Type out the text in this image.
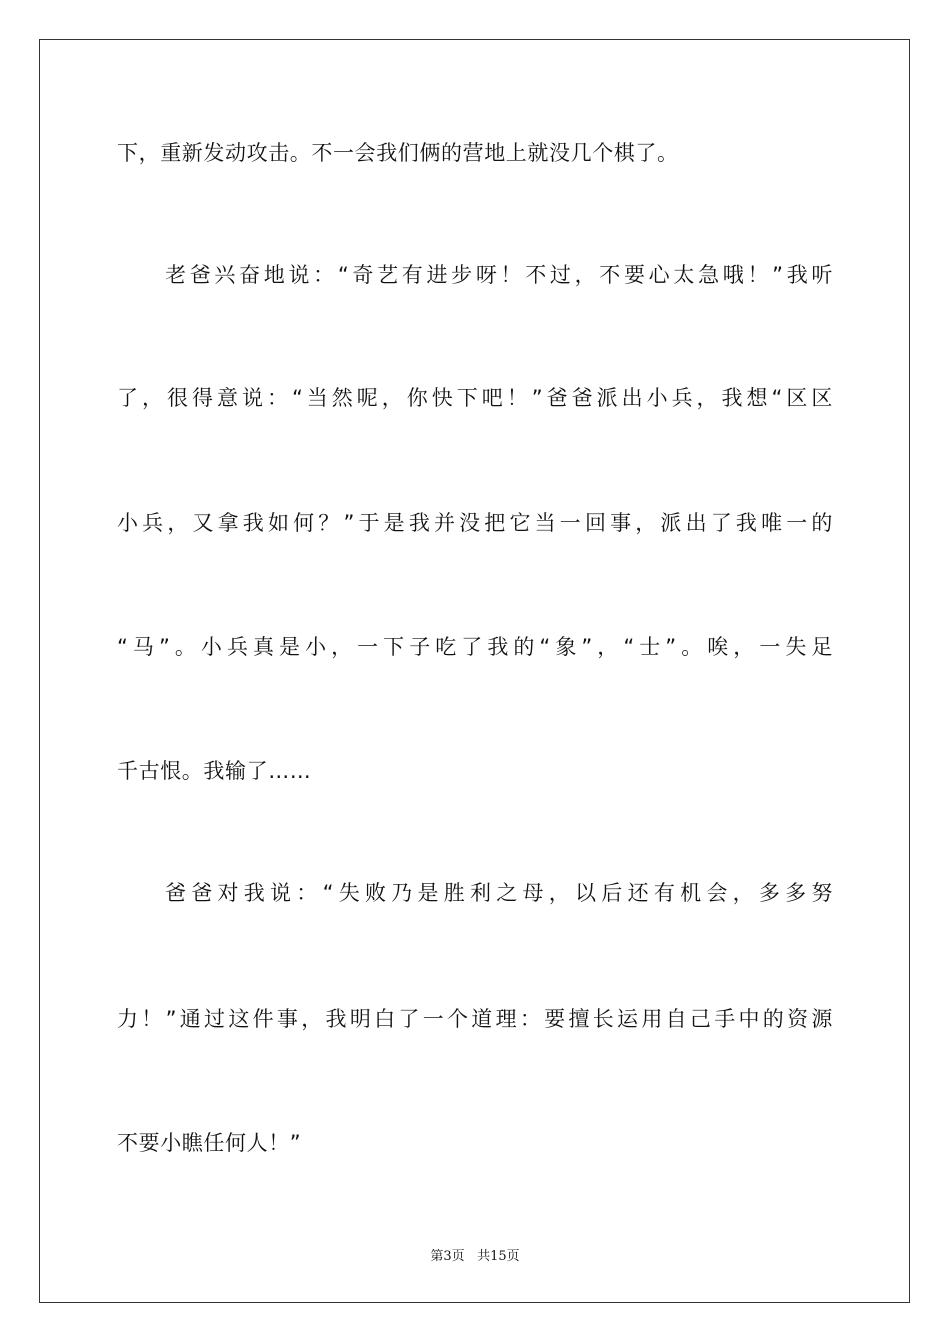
下，重新发动攻击。不一会我们俩的营地上就没几个棋了。
老爸兴奋地说：“奇艺有进步呀！不过，不要心太急哦！”我听
了，很得意说：“当然呢，你快下吧！”爸爸派出小兵，我想“区区
小兵，又拿我如何？”于是我并没把它当一回事，派出了我唯一的
“马”。小兵真是小，一下子吃了我的“象”，“士”。唉，一失足
千古恨。我输了……
爸爸对我说：“失败乃是胜利之母，以后还有机会，多多努
力！”通过这件事，我明白了一个道理：要擅长运用自己手中的资源
不要小瞧任何人！”
第3页 共15页
